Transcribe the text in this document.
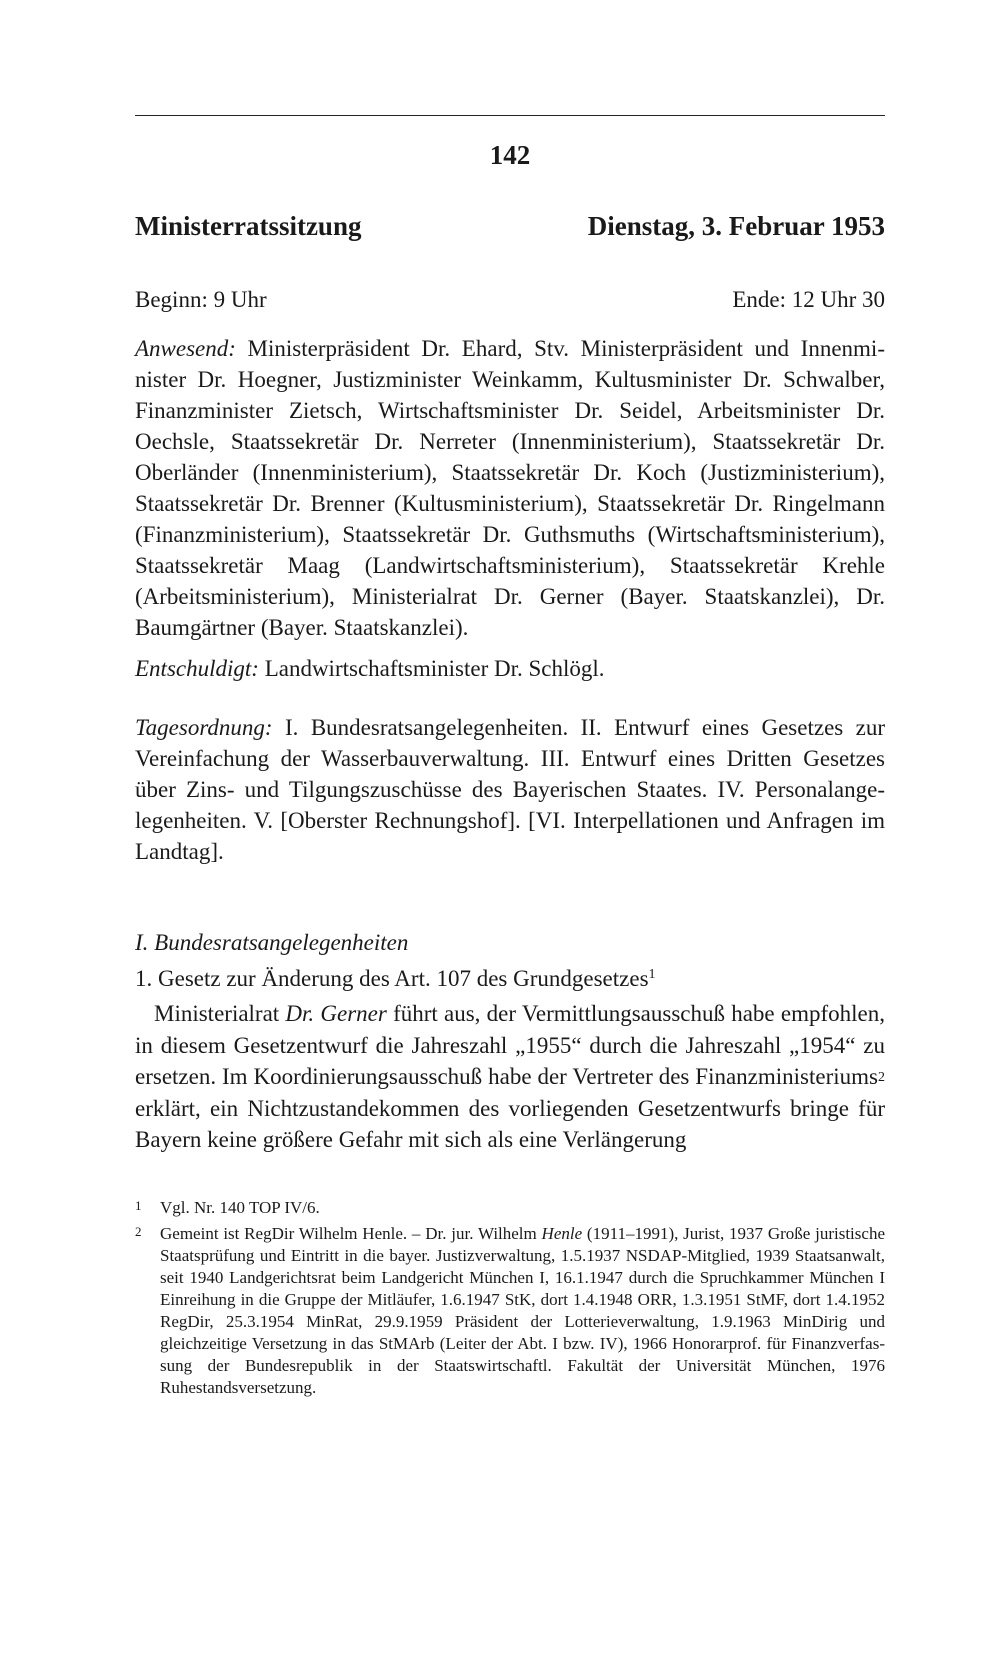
142
Ministerratssitzung	Dienstag, 3. Februar 1953
Beginn: 9 Uhr	Ende: 12 Uhr 30
Anwesend: Ministerpräsident Dr. Ehard, Stv. Ministerpräsident und Innenminister Dr. Hoegner, Justizminister Weinkamm, Kultusminister Dr. Schwalber, Finanzminister Zietsch, Wirtschaftsminister Dr. Seidel, Arbeitsminister Dr. Oechsle, Staatssekretär Dr. Nerreter (Innenministerium), Staatssekretär Dr. Oberländer (Innenministerium), Staatssekretär Dr. Koch (Justizministerium), Staatssekretär Dr. Brenner (Kultusministerium), Staatssekretär Dr. Ringelmann (Finanzministerium), Staatssekretär Dr. Guthsmuths (Wirtschaftsministerium), Staatssekretär Maag (Landwirtschaftsministerium), Staatssekretär Krehle (Arbeitsministerium), Ministerialrat Dr. Gerner (Bayer. Staatskanzlei), Dr. Baumgärtner (Bayer. Staatskanzlei).
Entschuldigt: Landwirtschaftsminister Dr. Schlögl.
Tagesordnung: I. Bundesratsangelegenheiten. II. Entwurf eines Gesetzes zur Vereinfachung der Wasserbauverwaltung. III. Entwurf eines Dritten Gesetzes über Zins- und Tilgungszuschüsse des Bayerischen Staates. IV. Personalangelegenheiten. V. [Oberster Rechnungshof]. [VI. Interpellationen und Anfragen im Landtag].
I. Bundesratsangelegenheiten
1. Gesetz zur Änderung des Art. 107 des Grundgesetzes$^1$
Ministerialrat Dr. Gerner führt aus, der Vermittlungsausschuß habe empfohlen, in diesem Gesetzentwurf die Jahreszahl „1955“ durch die Jahreszahl „1954“ zu ersetzen. Im Koordinierungsausschuß habe der Vertreter des Finanzministeriums$^2$ erklärt, ein Nichtzustandekommen des vorliegenden Gesetzentwurfs bringe für Bayern keine größere Gefahr mit sich als eine Verlängerung
1	Vgl. Nr. 140 TOP IV/6.
2	Gemeint ist RegDir Wilhelm Henle. – Dr. jur. Wilhelm Henle (1911–1991), Jurist, 1937 Große juristische Staatsprüfung und Eintritt in die bayer. Justizverwaltung, 1.5.1937 NSDAP-Mitglied, 1939 Staatsanwalt, seit 1940 Landgerichtsrat beim Landgericht München I, 16.1.1947 durch die Spruchkammer München I Einreihung in die Gruppe der Mitläufer, 1.6.1947 StK, dort 1.4.1948 ORR, 1.3.1951 StMF, dort 1.4.1952 RegDir, 25.3.1954 MinRat, 29.9.1959 Präsident der Lotterieverwaltung, 1.9.1963 MinDirig und gleichzeitige Versetzung in das StMArb (Leiter der Abt. I bzw. IV), 1966 Honorarprof. für Finanzverfassung der Bundesrepublik in der Staatswirtschaftl. Fakultät der Universität München, 1976 Ruhestandsversetzung.
